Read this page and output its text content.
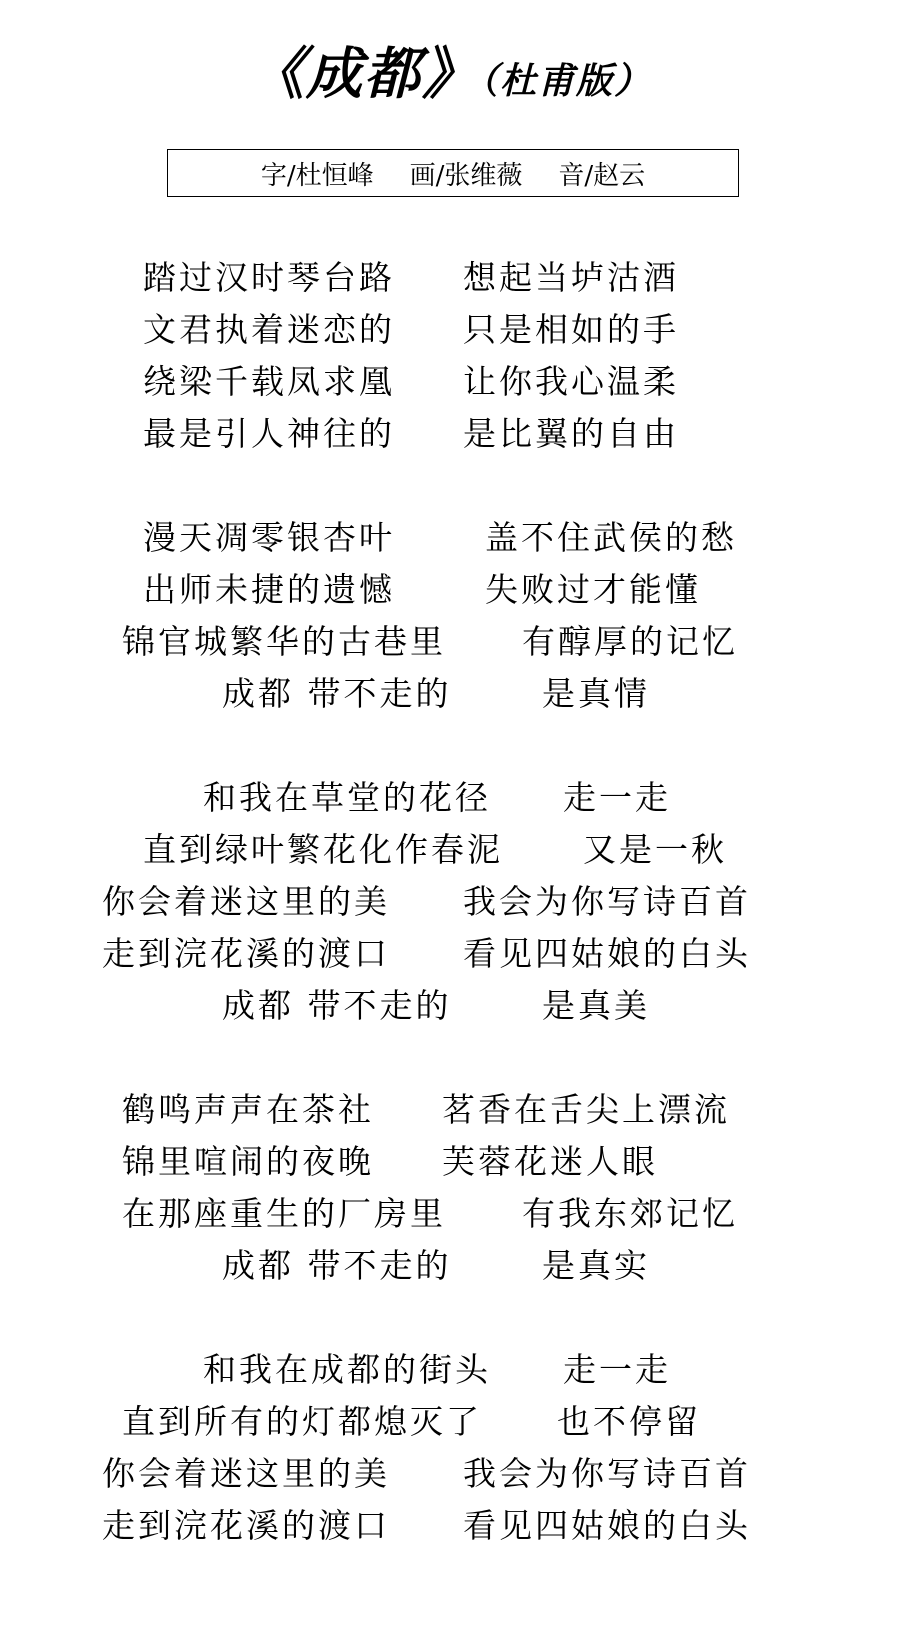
《成都》（杜甫版）
字/杜恒峰 画/张维薇 音/赵云
踏过汉时琴台路 想起当垆沽酒
文君执着迷恋的 只是相如的手
绕梁千载凤求凰 让你我心温柔
最是引人神往的 是比翼的自由
漫天凋零银杏叶	盖不住武侯的愁
出师未捷的遗憾	失败过才能懂
锦官城繁华的古巷里 有醇厚的记忆
成都 带不走的	是真情
和我在草堂的花径 走一走
直到绿叶繁花化作春泥 又是一秋
你会着迷这里的美 我会为你写诗百首
走到浣花溪的渡口 看见四姑娘的白头
成都 带不走的	是真美
鹤鸣声声在茶社 茗香在舌尖上漂流
锦里喧闹的夜晚 芙蓉花迷人眼
在那座重生的厂房里 有我东郊记忆
成都 带不走的	是真实
和我在成都的街头 走一走
直到所有的灯都熄灭了 也不停留
你会着迷这里的美 我会为你写诗百首
走到浣花溪的渡口 看见四姑娘的白头
